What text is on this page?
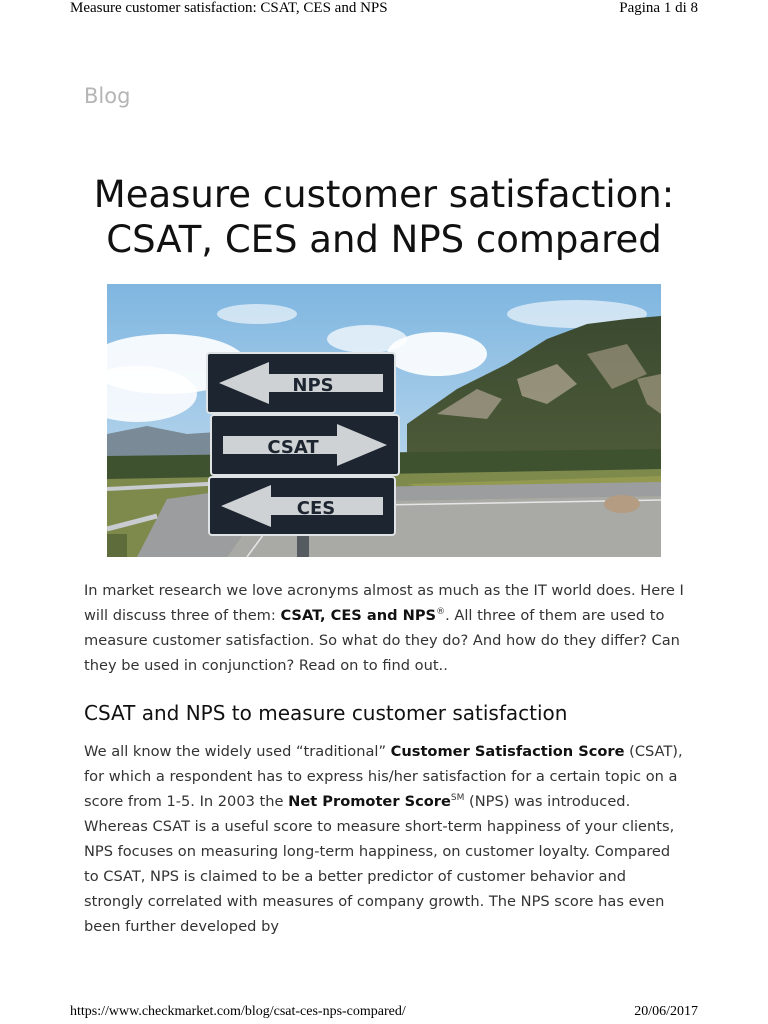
Measure customer satisfaction: CSAT, CES and NPS	Pagina 1 di 8
Blog
Measure customer satisfaction: CSAT, CES and NPS compared
NPS
CSAT
CES

In market research we love acronyms almost as much as the IT world does. Here I will discuss three of them: CSAT, CES and NPS®. All three of them are used to measure customer satisfaction. So what do they do? And how do they differ? Can they be used in conjunction? Read on to find out..

CSAT and NPS to measure customer satisfaction

We all know the widely used “traditional” Customer Satisfaction Score (CSAT), for which a respondent has to express his/her satisfaction for a certain topic on a score from 1-5. In 2003 the Net Promoter Score℠ (NPS) was introduced. Whereas CSAT is a useful score to measure short-term happiness of your clients, NPS focuses on measuring long-term happiness, on customer loyalty. Compared to CSAT, NPS is claimed to be a better predictor of customer behavior and strongly correlated with measures of company growth. The NPS score has even been further developed by

https://www.checkmarket.com/blog/csat-ces-nps-compared/	20/06/2017
